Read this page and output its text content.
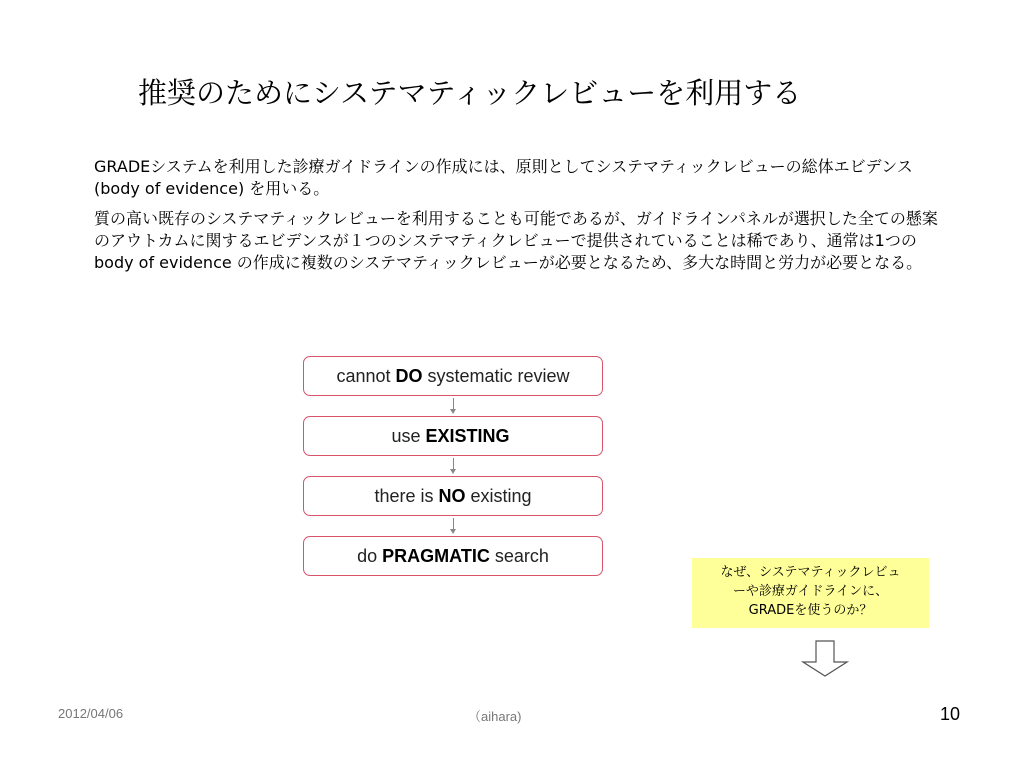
推奨のためにシステマティックレビューを利用する

GRADEシステムを利用した診療ガイドラインの作成には、原則としてシステマティックレビューの総体エビデンス (body of evidence) を用いる。

質の高い既存のシステマティックレビューを利用することも可能であるが、ガイドラインパネルが選択した全ての懸案のアウトカムに関するエビデンスが１つのシステマティクレビューで提供されていることは稀であり、通常は1つの body of evidence の作成に複数のシステマティックレビューが必要となるため、多大な時間と労力が必要となる。

cannot DO systematic review
use EXISTING
there is NO existing
do PRAGMATIC search
なぜ、システマティックレビュ
ーや診療ガイドラインに、
GRADEを使うのか？
2012/04/06	（aihara)	10
